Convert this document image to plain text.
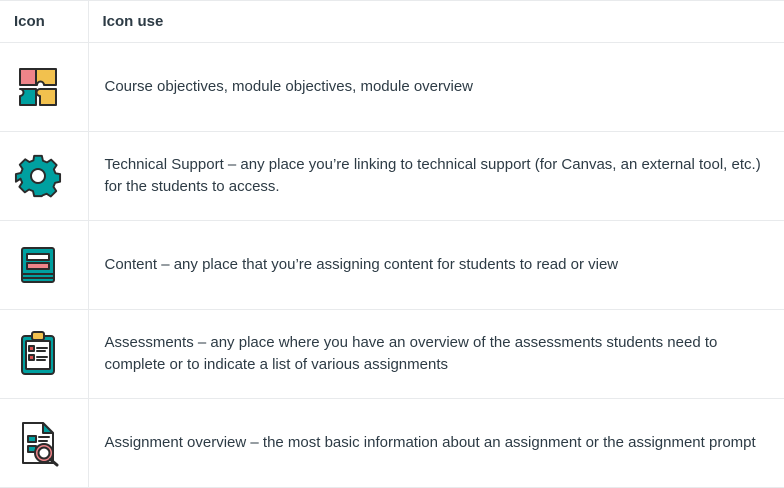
Icon	Icon use

	Course objectives, module objectives, module overview

	Technical Support – any place you’re linking to technical support (for Canvas, an external tool, etc.) for the students to access.

	Content – any place that you’re assigning content for students to read or view

	Assessments – any place where you have an overview of the assessments students need to complete or to indicate a list of various assignments

	Assignment overview – the most basic information about an assignment or the assignment prompt
